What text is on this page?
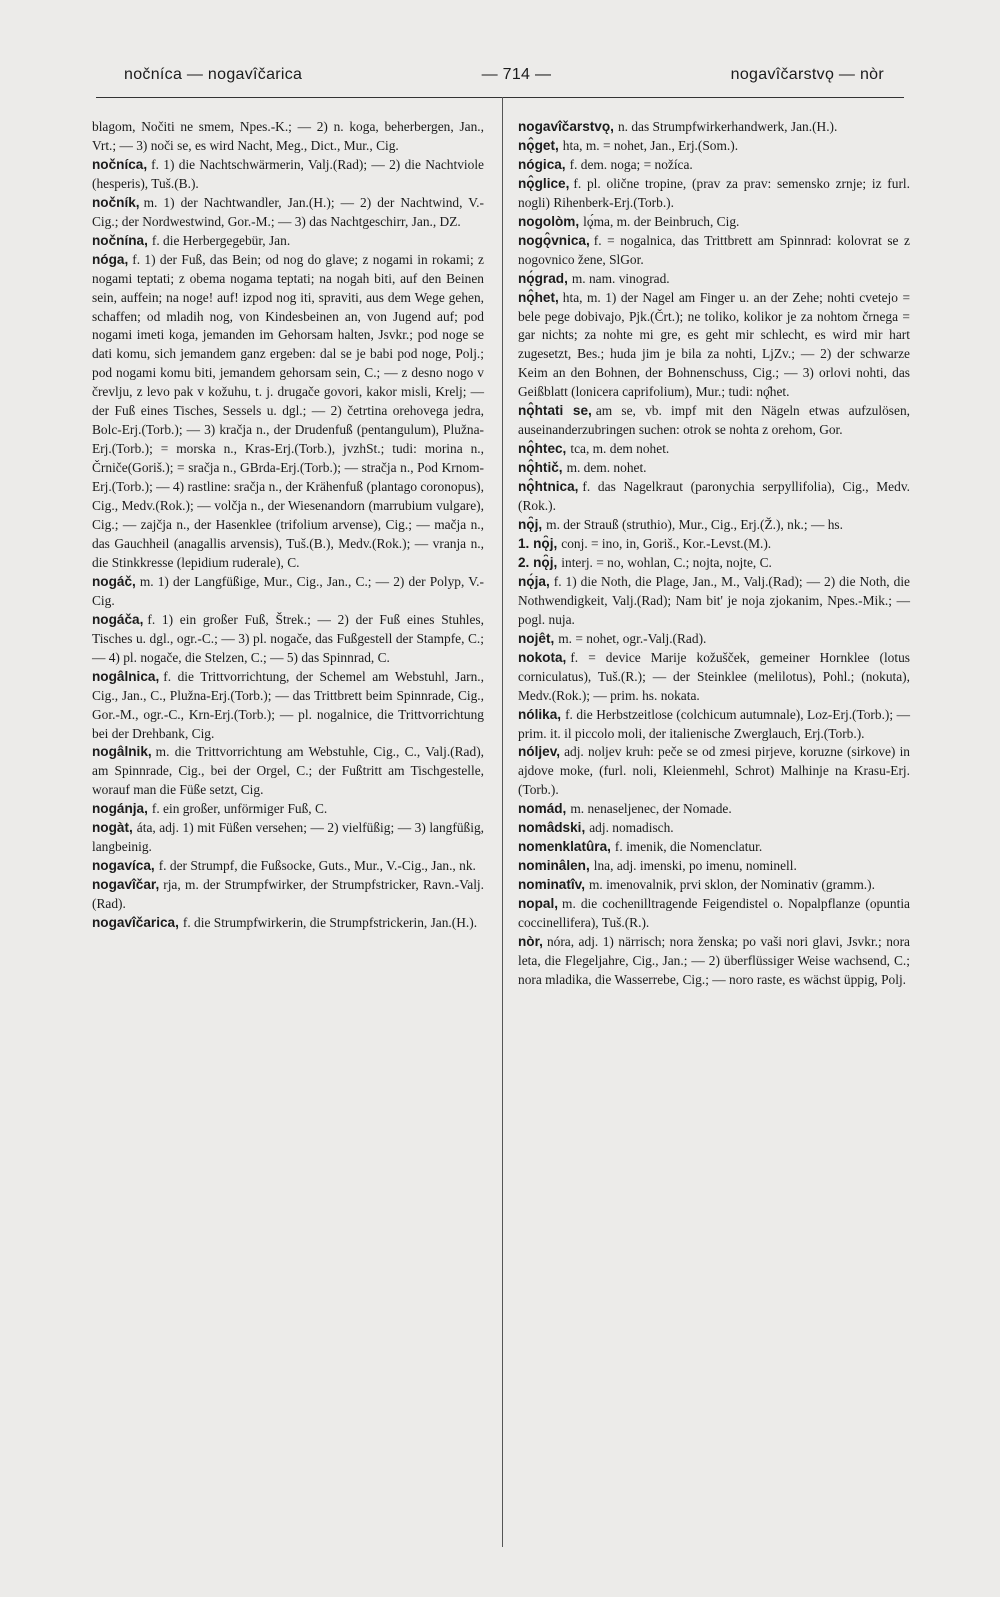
nočníca — nogavîčarica	— 714 —	nogavîčarstvǫ — nòr

blagom, Nočiti ne smem, Npes.-K.; — 2) n. koga, beherbergen, Jan., Vrt.; — 3) noči se, es wird Nacht, Meg., Dict., Mur., Cig.

nočníca, f. 1) die Nachtschwärmerin, Valj.(Rad); — 2) die Nachtviole (hesperis), Tuš.(B.).

nočník, m. 1) der Nachtwandler, Jan.(H.); — 2) der Nachtwind, V.-Cig.; der Nordwestwind, Gor.-M.; — 3) das Nachtgeschirr, Jan., DZ.

nočnína, f. die Herbergegebür, Jan.

nóga, f. 1) der Fuß, das Bein; od nog do glave; z nogami in rokami; z nogami teptati; z obema nogama teptati; na nogah biti, auf den Beinen sein, auffein; na noge! auf! izpod nog iti, spraviti, aus dem Wege gehen, schaffen; od mladih nog, von Kindesbeinen an, von Jugend auf; pod nogami imeti koga, jemanden im Gehorsam halten, Jsvkr.; pod noge se dati komu, sich jemandem ganz ergeben: dal se je babi pod noge, Polj.; pod nogami komu biti, jemandem gehorsam sein, C.; — z desno nogo v črevlju, z levo pak v kožuhu, t. j. drugače govori, kakor misli, Krelj; — der Fuß eines Tisches, Sessels u. dgl.; — 2) četrtina orehovega jedra, Bolc-Erj.(Torb.); — 3) kračja n., der Drudenfuß (pentangulum), Plužna-Erj.(Torb.); = morska n., Kras-Erj.(Torb.), jvzhSt.; tudi: morina n., Črniče(Goriš.); = sračja n., GBrda-Erj.(Torb.); — stračja n., Pod Krnom-Erj.(Torb.); — 4) rastline: sračja n., der Krähenfuß (plantago coronopus), Cig., Medv.(Rok.); — volčja n., der Wiesenandorn (marrubium vulgare), Cig.; — zajčja n., der Hasenklee (trifolium arvense), Cig.; — mačja n., das Gauchheil (anagallis arvensis), Tuš.(B.), Medv.(Rok.); — vranja n., die Stinkkresse (lepidium ruderale), C.

nogáč, m. 1) der Langfüßige, Mur., Cig., Jan., C.; — 2) der Polyp, V.-Cig.

nogáča, f. 1) ein großer Fuß, Štrek.; — 2) der Fuß eines Stuhles, Tisches u. dgl., ogr.-C.; — 3) pl. nogače, das Fußgestell der Stampfe, C.; — 4) pl. nogače, die Stelzen, C.; — 5) das Spinnrad, C.

nogâlnica, f. die Trittvorrichtung, der Schemel am Webstuhl, Jarn., Cig., Jan., C., Plužna-Erj.(Torb.); — das Trittbrett beim Spinnrade, Cig., Gor.-M., ogr.-C., Krn-Erj.(Torb.); — pl. nogalnice, die Trittvorrichtung bei der Drehbank, Cig.

nogâlnik, m. die Trittvorrichtung am Webstuhle, Cig., C., Valj.(Rad), am Spinnrade, Cig., bei der Orgel, C.; der Fußtritt am Tischgestelle, worauf man die Füße setzt, Cig.

nogánja, f. ein großer, unförmiger Fuß, C.

nogàt, áta, adj. 1) mit Füßen versehen; — 2) vielfüßig; — 3) langfüßig, langbeinig.

nogavíca, f. der Strumpf, die Fußsocke, Guts., Mur., V.-Cig., Jan., nk.

nogavîčar, rja, m. der Strumpfwirker, der Strumpfstricker, Ravn.-Valj.(Rad).

nogavîčarica, f. die Strumpfwirkerin, die Strumpfstrickerin, Jan.(H.).

nogavîčarstvǫ, n. das Strumpfwirkerhandwerk, Jan.(H.).

nǫ̂get, hta, m. = nohet, Jan., Erj.(Som.).

nógica, f. dem. noga; = nožíca.

nǫ̂glice, f. pl. olične tropine, (prav za prav: semensko zrnje; iz furl. nogli) Rihenberk-Erj.(Torb.).

nogolòm, lǫ́ma, m. der Beinbruch, Cig.

nogǫ̂vnica, f. = nogalnica, das Trittbrett am Spinnrad: kolovrat se z nogovnico žene, SlGor.

nǫ́grad, m. nam. vinograd.

nǫ̂het, hta, m. 1) der Nagel am Finger u. an der Zehe; nohti cvetejo = bele pege dobivajo, Pjk.(Črt.); ne toliko, kolikor je za nohtom črnega = gar nichts; za nohte mi gre, es geht mir schlecht, es wird mir hart zugesetzt, Bes.; huda jim je bila za nohti, LjZv.; — 2) der schwarze Keim an den Bohnen, der Bohnenschuss, Cig.; — 3) orlovi nohti, das Geißblatt (lonicera caprifolium), Mur.; tudi: nǫ̂het.

nǫ̂htati se, am se, vb. impf mit den Nägeln etwas aufzulösen, auseinanderzubringen suchen: otrok se nohta z orehom, Gor.

nǫ̂htec, tca, m. dem nohet.

nǫ̂htič, m. dem. nohet.

nǫ̂htnica, f. das Nagelkraut (paronychia serpyllifolia), Cig., Medv.(Rok.).

nǫ̑j, m. der Strauß (struthio), Mur., Cig., Erj.(Ž.), nk.; — hs.

1. nǫ̑j, conj. = ino, in, Goriš., Kor.-Levst.(M.).

2. nǫ̑j, interj. = no, wohlan, C.; nojta, nojte, C.

nǫ́ja, f. 1) die Noth, die Plage, Jan., M., Valj.(Rad); — 2) die Noth, die Nothwendigkeit, Valj.(Rad); Nam bit' je noja zjokanim, Npes.-Mik.; — pogl. nuja.

nojêt, m. = nohet, ogr.-Valj.(Rad).

nokota, f. = device Marije kožušček, gemeiner Hornklee (lotus corniculatus), Tuš.(R.); — der Steinklee (melilotus), Pohl.; (nokuta), Medv.(Rok.); — prim. hs. nokata.

nólika, f. die Herbstzeitlose (colchicum autumnale), Loz-Erj.(Torb.); — prim. it. il piccolo moli, der italienische Zwerglauch, Erj.(Torb.).

nóljev, adj. noljev kruh: peče se od zmesi pirjeve, koruzne (sirkove) in ajdove moke, (furl. noli, Kleienmehl, Schrot) Malhinje na Krasu-Erj.(Torb.).

nomád, m. nenaseljenec, der Nomade.

nomâdski, adj. nomadisch.

nomenklatûra, f. imenik, die Nomenclatur.

nominâlen, lna, adj. imenski, po imenu, nominell.

nominatîv, m. imenovalnik, prvi sklon, der Nominativ (gramm.).

nopal, m. die cochenilltragende Feigendistel o. Nopalpflanze (opuntia coccinellifera), Tuš.(R.).

nòr, nóra, adj. 1) närrisch; nora ženska; po vaši nori glavi, Jsvkr.; nora leta, die Flegeljahre, Cig., Jan.; — 2) überflüssiger Weise wachsend, C.; nora mladika, die Wasserrebe, Cig.; — noro raste, es wächst üppig, Polj.
